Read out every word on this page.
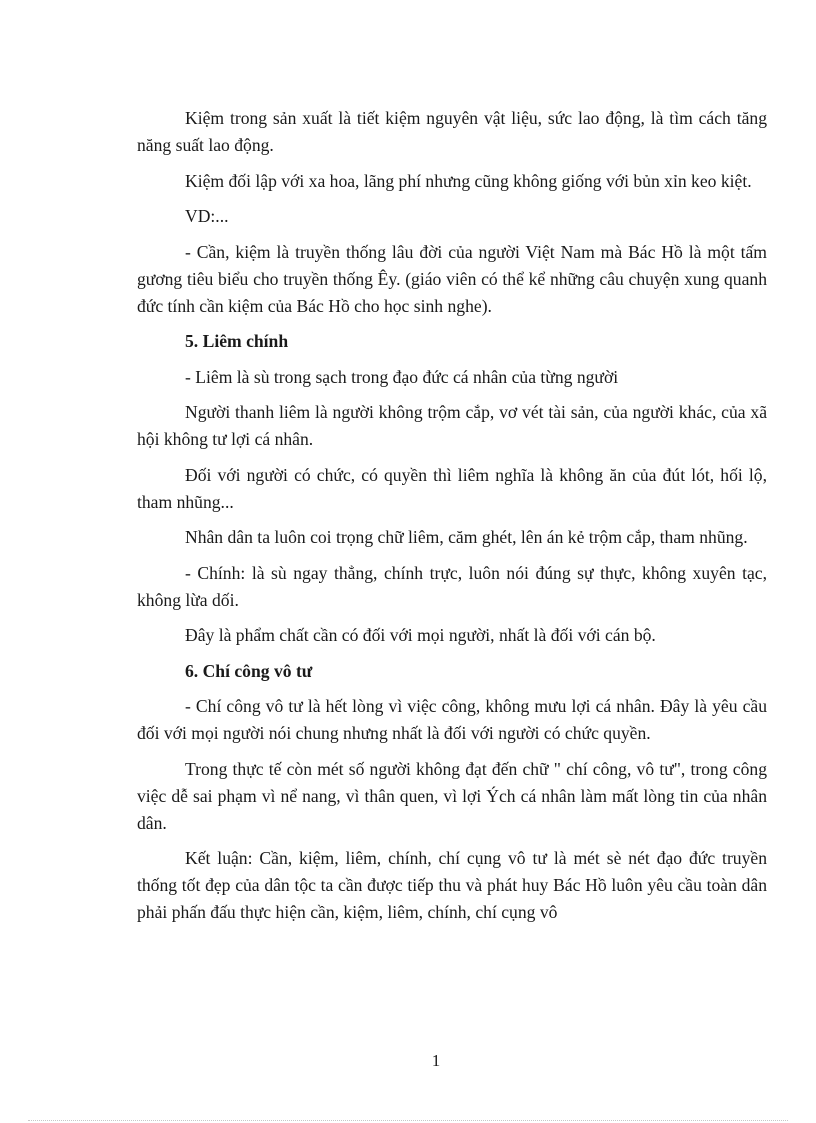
Kiệm trong sản xuất là tiết kiệm nguyên vật liệu, sức lao động, là tìm cách tăng năng suất lao động.

Kiệm đối lập với xa hoa, lãng phí nhưng cũng không giống với bủn xỉn keo kiệt.

VD:...

- Cần, kiệm là truyền thống lâu đời của người Việt Nam mà Bác Hồ là một tấm gương tiêu biểu cho truyền thống Êy. (giáo viên có thể kể những câu chuyện xung quanh đức tính cần kiệm của Bác Hồ cho học sinh nghe).

5. Liêm chính

- Liêm là sù trong sạch trong đạo đức cá nhân của từng người

Người thanh liêm là người không trộm cắp, vơ vét tài sản, của người khác, của xã hội không tư lợi cá nhân.

Đối với người có chức, có quyền thì liêm nghĩa là không ăn của đút lót, hối lộ, tham nhũng...

Nhân dân ta luôn coi trọng chữ liêm, căm ghét, lên án kẻ trộm cắp, tham nhũng.

- Chính: là sù ngay thẳng, chính trực, luôn nói đúng sự thực, không xuyên tạc, không lừa dối.

Đây là phẩm chất cần có đối với mọi người, nhất là đối với cán bộ.

6. Chí công vô tư

- Chí công vô tư là hết lòng vì việc công, không mưu lợi cá nhân. Đây là yêu cầu đối với mọi người nói chung nhưng nhất là đối với người có chức quyền.

Trong thực tế còn mét số người không đạt đến chữ " chí công, vô tư", trong công việc dễ sai phạm vì nể nang, vì thân quen, vì lợi Ých cá nhân làm mất lòng tin của nhân dân.

Kết luận: Cần, kiệm, liêm, chính, chí cụng vô tư là mét sè nét đạo đức truyền thống tốt đẹp của dân tộc ta cần được tiếp thu và phát huy Bác Hồ luôn yêu cầu toàn dân phải phấn đấu thực hiện cần, kiệm, liêm, chính, chí cụng vô

1
